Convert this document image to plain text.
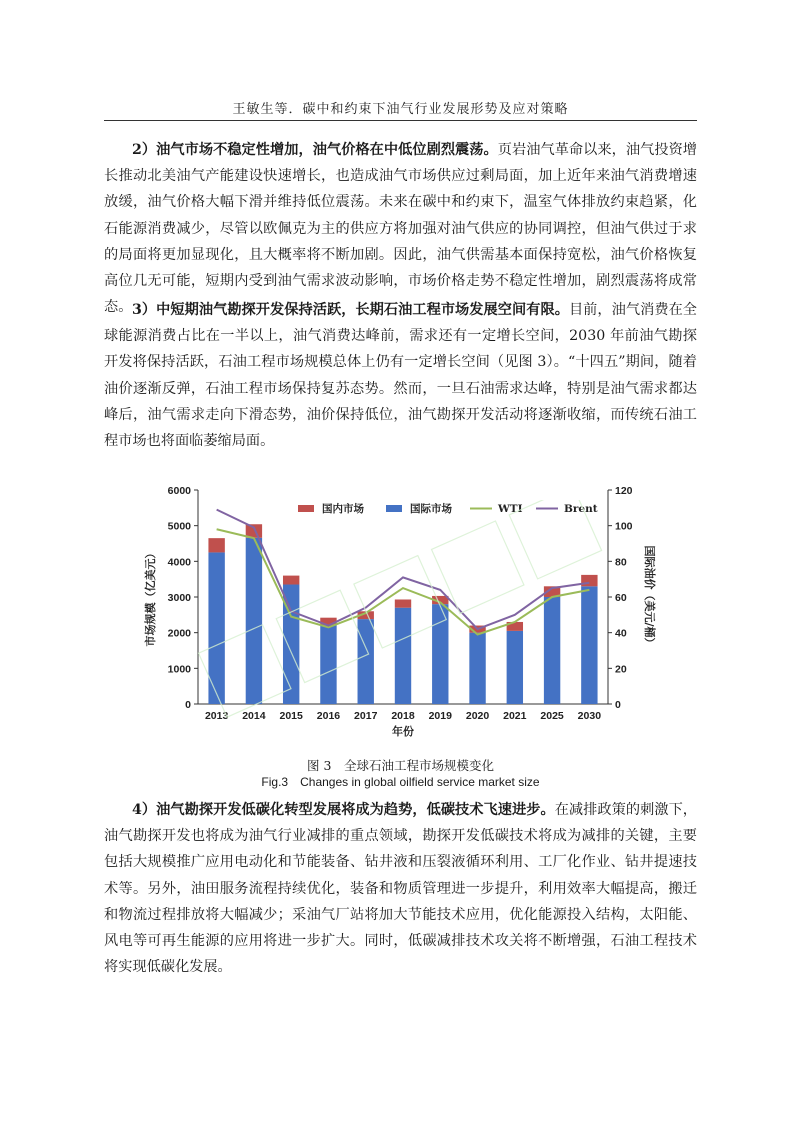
王敏生等．碳中和约束下油气行业发展形势及应对策略

2）油气市场不稳定性增加，油气价格在中低位剧烈震荡。页岩油气革命以来，油气投资增长推动北美油气产能建设快速增长，也造成油气市场供应过剩局面，加上近年来油气消费增速放缓，油气价格大幅下滑并维持低位震荡。未来在碳中和约束下，温室气体排放约束趋紧，化石能源消费减少，尽管以欧佩克为主的供应方将加强对油气供应的协同调控，但油气供过于求的局面将更加显现化，且大概率将不断加剧。因此，油气供需基本面保持宽松，油气价格恢复高位几无可能，短期内受到油气需求波动影响，市场价格走势不稳定性增加，剧烈震荡将成常态。 3）中短期油气勘探开发保持活跃，长期石油工程市场发展空间有限。目前，油气消费在全球能源消费占比在一半以上，油气消费达峰前，需求还有一定增长空间，2030 年前油气勘探开发将保持活跃，石油工程市场规模总体上仍有一定增长空间（见图 3）。“十四五”期间，随着油价逐渐反弹，石油工程市场保持复苏态势。然而，一旦石油需求达峰，特别是油气需求都达峰后，油气需求走向下滑态势，油价保持低位，油气勘探开发活动将逐渐收缩，而传统石油工程市场也将面临萎缩局面。

0
1000
2000
3000
4000
5000
6000
0
20
40
60
80
100
120
2013 2014 2015 2016 2017 2018 2019 2020 2021 2025 2030
年份
市场规模（亿美元）	国际油价（美元/桶）
国内市场	国际市场	WTI	Brent
图 3　全球石油工程市场规模变化
Fig.3　Changes in global oilfield service market size

4）油气勘探开发低碳化转型发展将成为趋势，低碳技术飞速进步。在减排政策的刺激下，油气勘探开发也将成为油气行业减排的重点领域，勘探开发低碳技术将成为减排的关键，主要包括大规模推广应用电动化和节能装备、钻井液和压裂液循环利用、工厂化作业、钻井提速技术等。另外，油田服务流程持续优化，装备和物质管理进一步提升，利用效率大幅提高，搬迁和物流过程排放将大幅减少；采油气厂站将加大节能技术应用，优化能源投入结构，太阳能、风电等可再生能源的应用将进一步扩大。同时，低碳减排技术攻关将不断增强，石油工程技术将实现低碳化发展。
